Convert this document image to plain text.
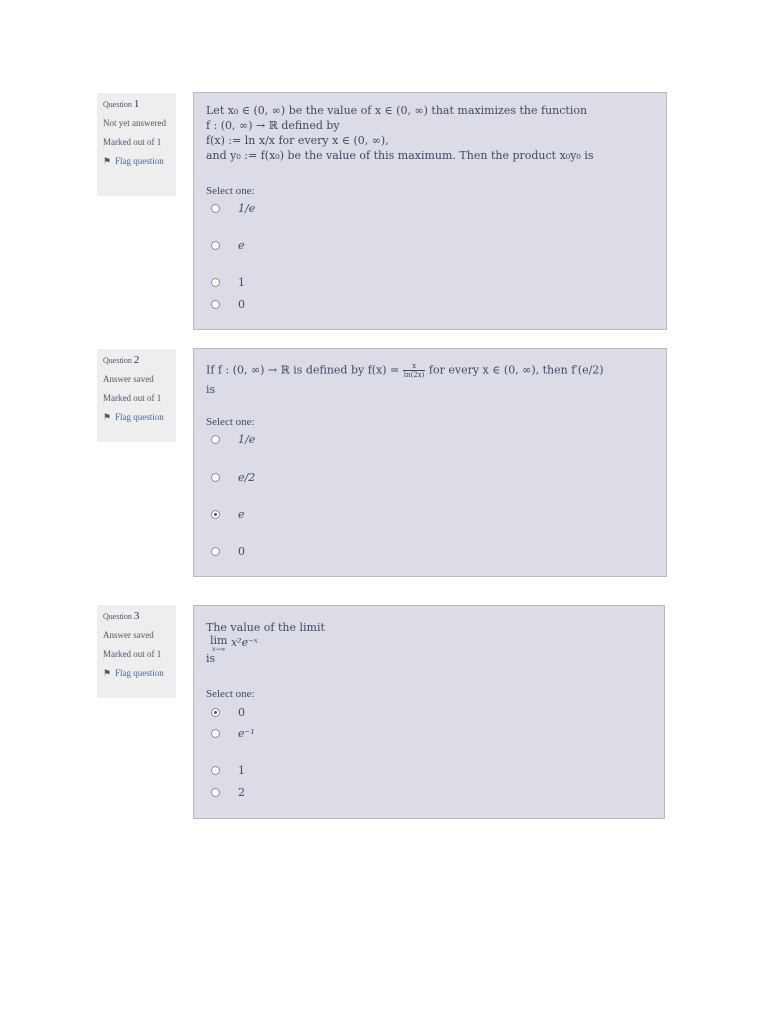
Question 1
Not yet answered
Marked out of 1
⚑ Flag question
Let x₀ ∈ (0, ∞) be the value of x ∈ (0, ∞) that maximizes the function
f : (0, ∞) → ℝ defined by
f(x) := ln x/x for every x ∈ (0, ∞),
and y₀ := f(x₀) be the value of this maximum. Then the product x₀y₀ is
Select one:
1/e
e
1
0
Question 2
Answer saved
Marked out of 1
⚑ Flag question
If f : (0, ∞) → ℝ is defined by $f(x) = \frac{x}{\ln(2x)}$ for every x ∈ (0, ∞), then f′(e/2)
is
Select one:
1/e
e/2
e
0
Question 3
Answer saved
Marked out of 1
⚑ Flag question
The value of the limit
lim
x→∞
x²e⁻ˣ
is
Select one:
0
e⁻¹
1
2
